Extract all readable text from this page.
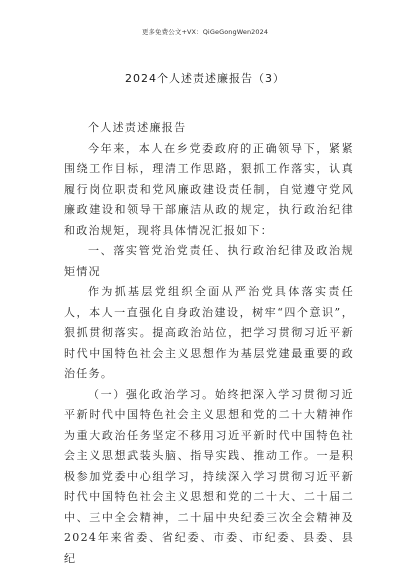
更多免费公文+VX：QiGeGongWen2024
2024个人述责述廉报告（3）

个人述责述廉报告

今年来，本人在乡党委政府的正确领导下，紧紧围绕工作目标，理清工作思路，狠抓工作落实，认真履行岗位职责和党风廉政建设责任制，自觉遵守党风廉政建设和领导干部廉洁从政的规定，执行政治纪律和政治规矩，现将具体情况汇报如下：

一、落实管党治党责任、执行政治纪律及政治规矩情况

作为抓基层党组织全面从严治党具体落实责任人，本人一直强化自身政治建设，树牢“四个意识”，狠抓贯彻落实。提高政治站位，把学习贯彻习近平新时代中国特色社会主义思想作为基层党建最重要的政治任务。

（一）强化政治学习。始终把深入学习贯彻习近平新时代中国特色社会主义思想和党的二十大精神作为重大政治任务坚定不移用习近平新时代中国特色社会主义思想武装头脑、指导实践、推动工作。一是积极参加党委中心组学习，持续深入学习贯彻习近平新时代中国特色社会主义思想和党的二十大、二十届二中、三中全会精神，二十届中央纪委三次全会精神及2024年来省委、省纪委、市委、市纪委、县委、县纪
